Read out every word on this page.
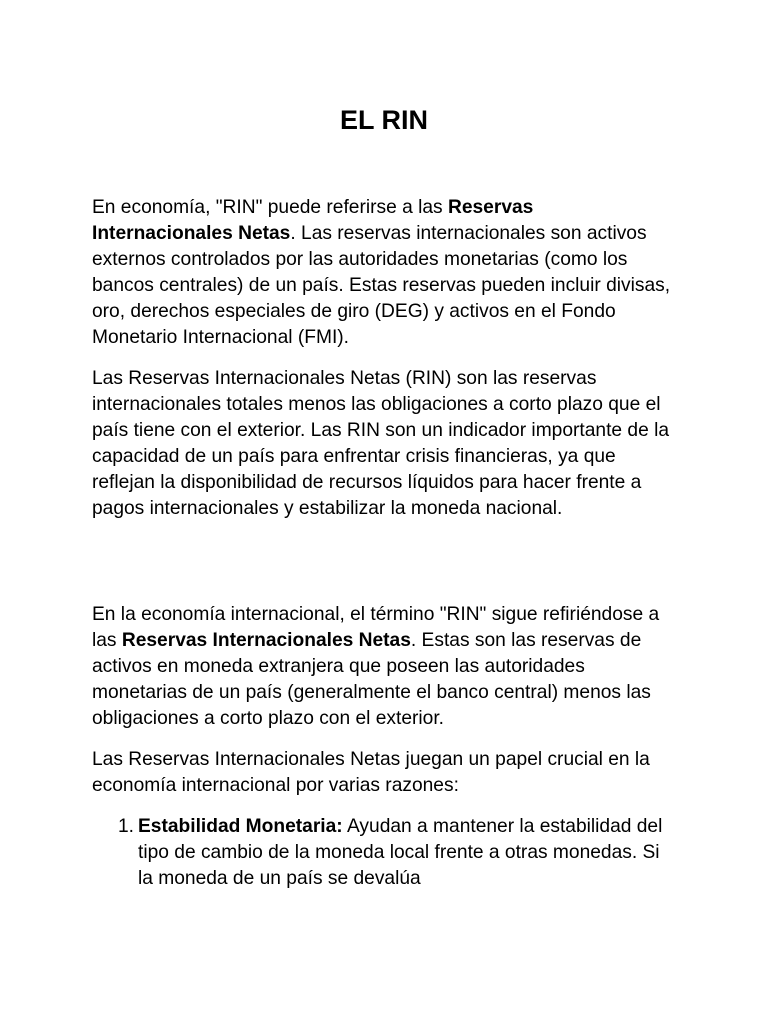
EL RIN

En economía, "RIN" puede referirse a las Reservas Internacionales Netas. Las reservas internacionales son activos externos controlados por las autoridades monetarias (como los bancos centrales) de un país. Estas reservas pueden incluir divisas, oro, derechos especiales de giro (DEG) y activos en el Fondo Monetario Internacional (FMI).

Las Reservas Internacionales Netas (RIN) son las reservas internacionales totales menos las obligaciones a corto plazo que el país tiene con el exterior. Las RIN son un indicador importante de la capacidad de un país para enfrentar crisis financieras, ya que reflejan la disponibilidad de recursos líquidos para hacer frente a pagos internacionales y estabilizar la moneda nacional.

En la economía internacional, el término "RIN" sigue refiriéndose a las Reservas Internacionales Netas. Estas son las reservas de activos en moneda extranjera que poseen las autoridades monetarias de un país (generalmente el banco central) menos las obligaciones a corto plazo con el exterior.

Las Reservas Internacionales Netas juegan un papel crucial en la economía internacional por varias razones:

1. Estabilidad Monetaria: Ayudan a mantener la estabilidad del tipo de cambio de la moneda local frente a otras monedas. Si la moneda de un país se devalúa
